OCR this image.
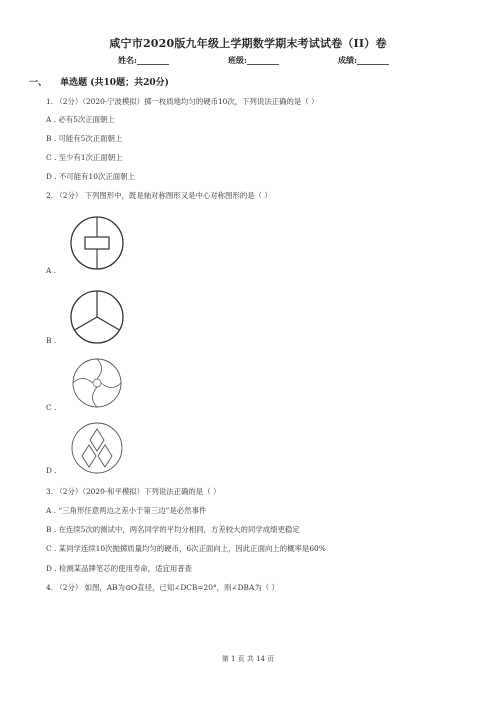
咸宁市2020版九年级上学期数学期末考试试卷（II）卷
姓名:________	班级:________	成绩:________
一、 单选题 (共10题；共20分)
1. （2分）（2020·宁波模拟）掷一枚质地均匀的硬币10次，下列说法正确的是（ ）
A . 必有5次正面朝上
B . 可能有5次正面朝上
C . 至少有1次正面朝上
D . 不可能有10次正面朝上
2. （2分） 下列图形中，既是轴对称图形又是中心对称图形的是（ ）
A .
B .
C .
D .
3. （2分）（2020·和平模拟）下列说法正确的是（ ）
A . “三角形任意两边之差小于第三边”是必然事件
B . 在连续5次的测试中，两名同学的平均分相同，方差较大的同学成绩更稳定
C . 某同学连续10次抛掷质量均匀的硬币，6次正面向上，因此正面向上的概率是60%
D . 检测某品牌笔芯的使用寿命，适宜用普查
4. （2分） 如图，AB为⊙O直径，已知∠DCB=20°，则∠DBA为（ ）
第 1 页 共 14 页
